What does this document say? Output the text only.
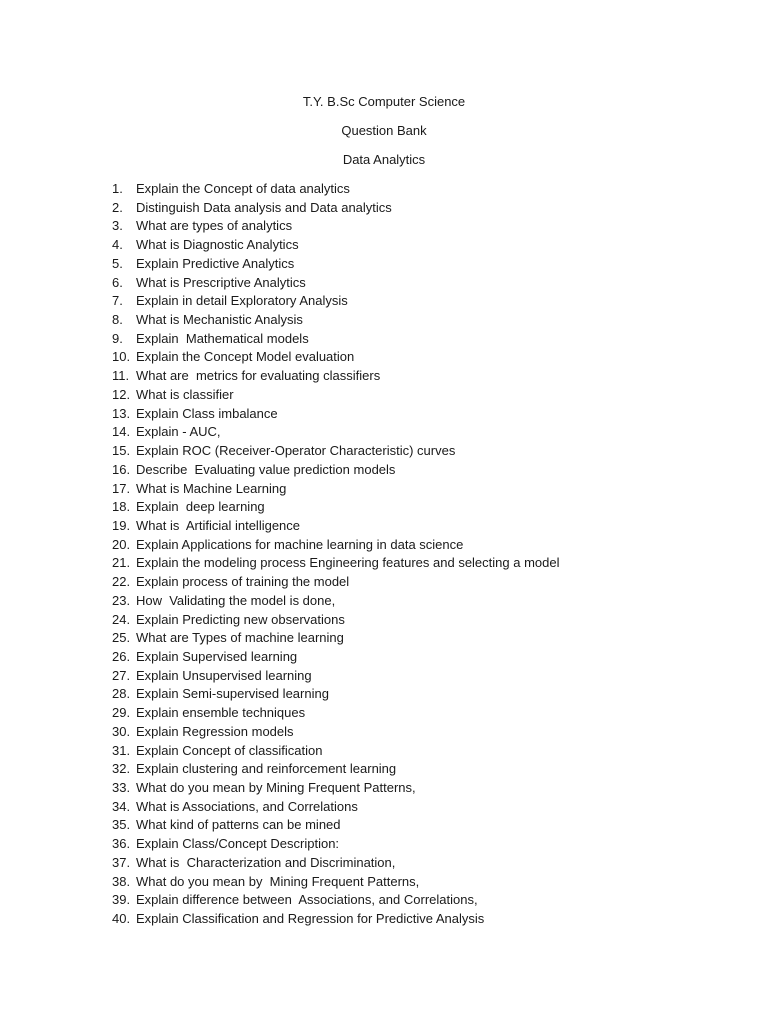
T.Y. B.Sc Computer Science
Question Bank
Data Analytics
1. Explain the Concept of data analytics
2. Distinguish Data analysis and Data analytics
3. What are types of analytics
4. What is Diagnostic Analytics
5. Explain Predictive Analytics
6. What is Prescriptive Analytics
7. Explain in detail Exploratory Analysis
8. What is Mechanistic Analysis
9. Explain  Mathematical models
10. Explain the Concept Model evaluation
11. What are  metrics for evaluating classifiers
12. What is classifier
13. Explain Class imbalance
14. Explain - AUC,
15. Explain ROC (Receiver-Operator Characteristic) curves
16. Describe  Evaluating value prediction models
17. What is Machine Learning
18. Explain  deep learning
19. What is  Artificial intelligence
20. Explain Applications for machine learning in data science
21. Explain the modeling process Engineering features and selecting a model
22. Explain process of training the model
23. How  Validating the model is done,
24. Explain Predicting new observations
25. What are Types of machine learning
26. Explain Supervised learning
27. Explain Unsupervised learning
28. Explain Semi-supervised learning
29. Explain ensemble techniques
30. Explain Regression models
31. Explain Concept of classification
32. Explain clustering and reinforcement learning
33. What do you mean by Mining Frequent Patterns,
34. What is Associations, and Correlations
35. What kind of patterns can be mined
36. Explain Class/Concept Description:
37. What is  Characterization and Discrimination,
38. What do you mean by  Mining Frequent Patterns,
39. Explain difference between  Associations, and Correlations,
40. Explain Classification and Regression for Predictive Analysis
